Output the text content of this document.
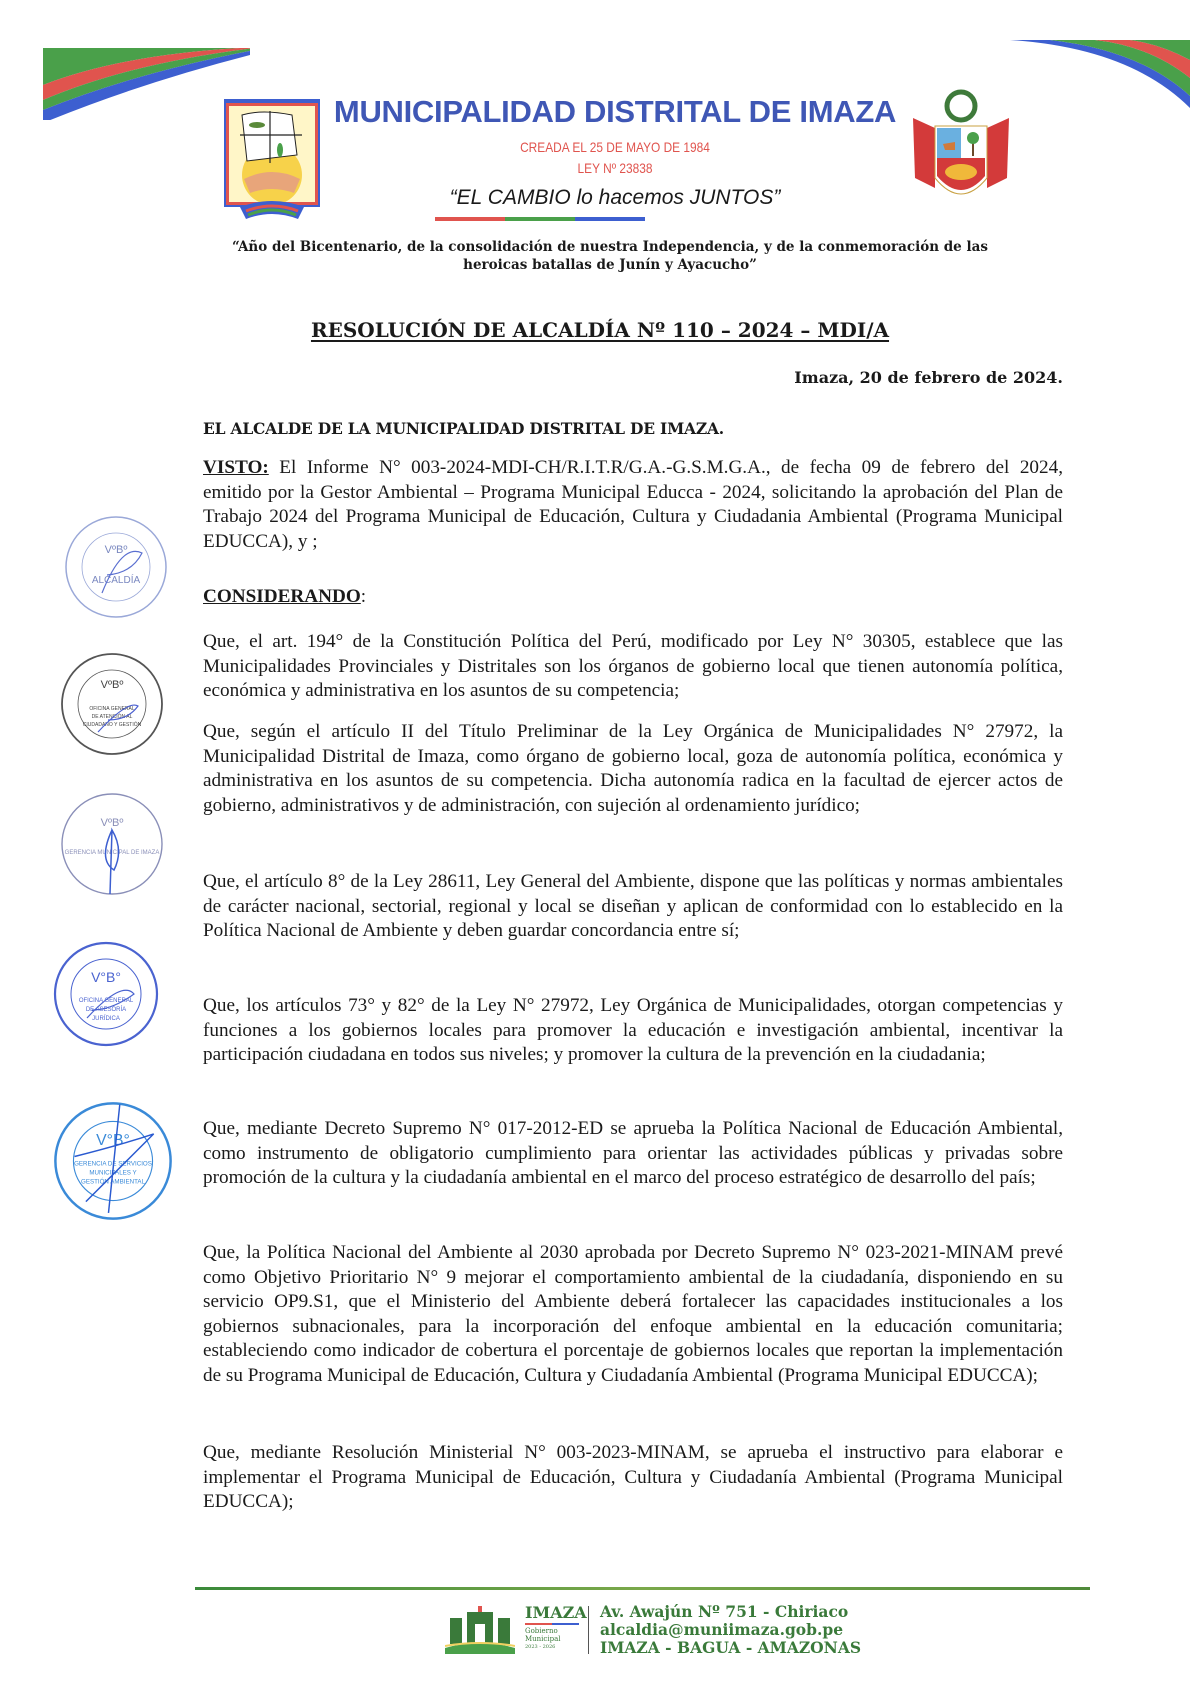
MUNICIPALIDAD DISTRITAL DE IMAZA
CREADA EL 25 DE MAYO DE 1984
LEY Nº 23838
“EL CAMBIO lo hacemos JUNTOS”
“Año del Bicentenario, de la consolidación de nuestra Independencia, y de la conmemoración de las
heroicas batallas de Junín y Ayacucho”
RESOLUCIÓN DE ALCALDÍA Nº 110 – 2024 – MDI/A
Imaza, 20 de febrero de 2024.
EL ALCALDE DE LA MUNICIPALIDAD DISTRITAL DE IMAZA.

VISTO: El Informe N° 003-2024-MDI-CH/R.I.T.R/G.A.-G.S.M.G.A., de fecha 09 de febrero del 2024, emitido por la Gestor Ambiental – Programa Municipal Educca - 2024, solicitando la aprobación del Plan de Trabajo 2024 del Programa Municipal de Educación, Cultura y Ciudadania Ambiental (Programa Municipal EDUCCA), y ;

CONSIDERANDO:

Que, el art. 194° de la Constitución Política del Perú, modificado por Ley N° 30305, establece que las Municipalidades Provinciales y Distritales son los órganos de gobierno local que tienen autonomía política, económica y administrativa en los asuntos de su competencia;

Que, según el artículo II del Título Preliminar de la Ley Orgánica de Municipalidades N° 27972, la Municipalidad Distrital de Imaza, como órgano de gobierno local, goza de autonomía política, económica y administrativa en los asuntos de su competencia. Dicha autonomía radica en la facultad de ejercer actos de gobierno, administrativos y de administración, con sujeción al ordenamiento jurídico;

Que, el artículo 8° de la Ley 28611, Ley General del Ambiente, dispone que las políticas y normas ambientales de carácter nacional, sectorial, regional y local se diseñan y aplican de conformidad con lo establecido en la Política Nacional de Ambiente y deben guardar concordancia entre sí;

Que, los artículos 73° y 82° de la Ley N° 27972, Ley Orgánica de Municipalidades, otorgan competencias y funciones a los gobiernos locales para promover la educación e investigación ambiental, incentivar la participación ciudadana en todos sus niveles; y promover la cultura de la prevención en la ciudadania;

Que, mediante Decreto Supremo N° 017-2012-ED se aprueba la Política Nacional de Educación Ambiental, como instrumento de obligatorio cumplimiento para orientar las actividades públicas y privadas sobre promoción de la cultura y la ciudadanía ambiental en el marco del proceso estratégico de desarrollo del país;

Que, la Política Nacional del Ambiente al 2030 aprobada por Decreto Supremo N° 023-2021-MINAM prevé como Objetivo Prioritario N° 9 mejorar el comportamiento ambiental de la ciudadanía, disponiendo en su servicio OP9.S1, que el Ministerio del Ambiente deberá fortalecer las capacidades institucionales a los gobiernos subnacionales, para la incorporación del enfoque ambiental en la educación comunitaria; estableciendo como indicador de cobertura el porcentaje de gobiernos locales que reportan la implementación de su Programa Municipal de Educación, Cultura y Ciudadanía Ambiental (Programa Municipal EDUCCA);

Que, mediante Resolución Ministerial N° 003-2023-MINAM, se aprueba el instructivo para elaborar e implementar el Programa Municipal de Educación, Cultura y Ciudadanía Ambiental (Programa Municipal EDUCCA);

VºBº
ALCALDÍA
VºBº
OFICINA GENERAL
DE ATENCIÓN AL
CIUDADANO Y GESTIÓN
VºBº
GERENCIA MUNICIPAL DE IMAZA
V°B°
OFICINA GENERAL
DE ASESORÍA
JURÍDICA
V°B°
GERENCIA DE SERVICIOS
MUNICIPALES Y
GESTIÓN AMBIENTAL
IMAZA
Gobierno
Municipal
2023 - 2026
Av. Awajún Nº 751 - Chiriaco
alcaldia@muniimaza.gob.pe
IMAZA - BAGUA - AMAZONAS
